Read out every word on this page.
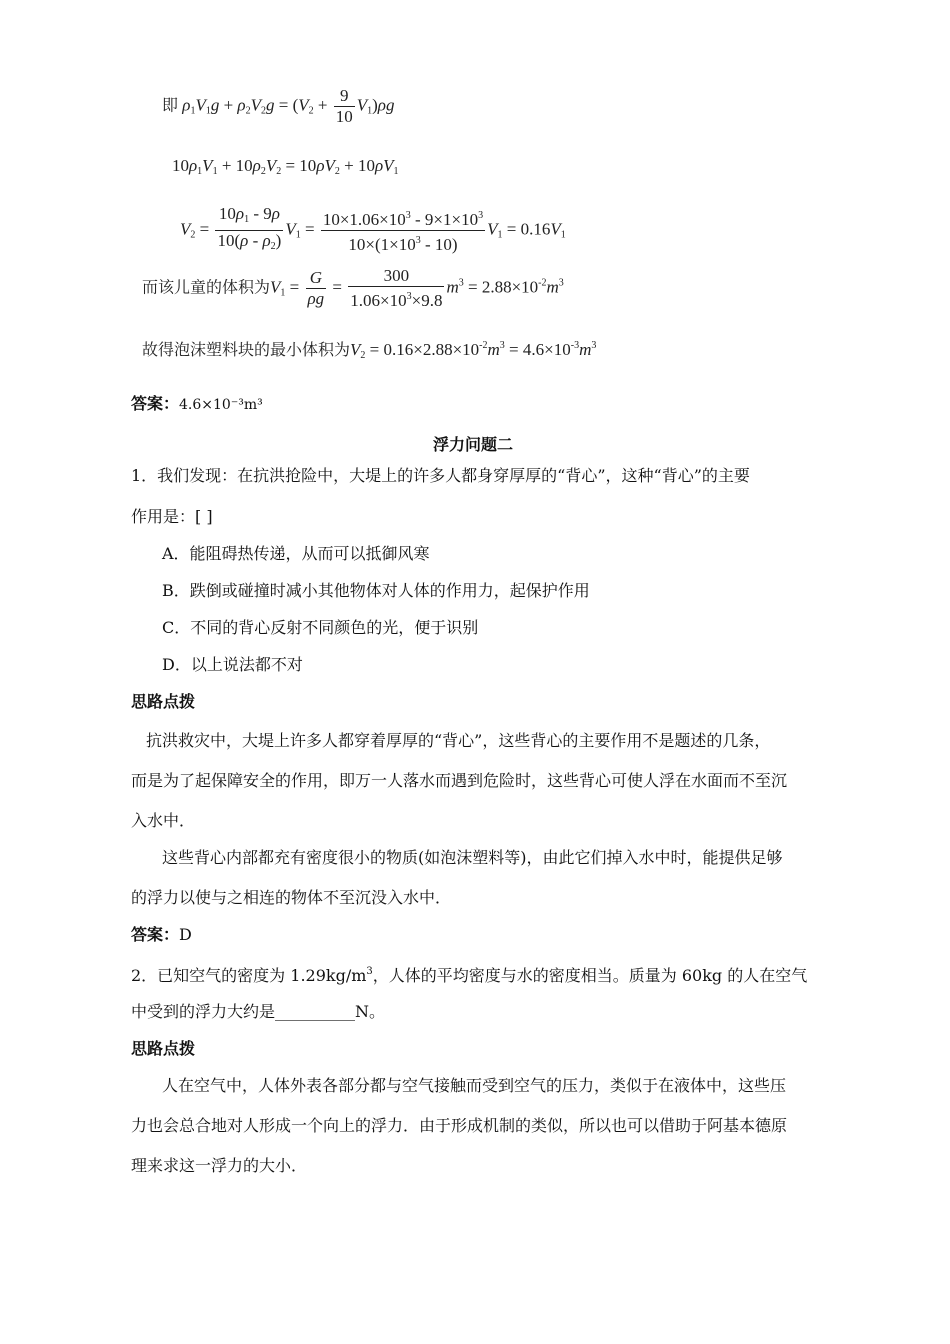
即 $\rho_1V_1g + \rho_2V_2g = (V_2 + \frac{9}{10} V_1)\rho g$
$10\rho_1V_1 + 10\rho_2V_2 = 10\rho V_2 + 10\rho V_1$
$V_2 = \frac{10\rho_1 - 9\rho}{10(\rho - \rho_2)} V_1 = \frac{10\times 1.06\times 10^3 - 9\times 1\times 10^3}{10\times(1\times 10^3 - 10)} V_1 = 0.16V_1$
而该儿童的体积为$V_1 = \frac{G}{\rho g} = \frac{300}{1.06\times 10^3\times 9.8} m^3 = 2.88\times 10^{-2}m^3$
故得泡沫塑料块的最小体积为$V_2 = 0.16\times 2.88\times 10^{-2}m^3 = 4.6\times 10^{-3}m^3$
答案：4.6×10⁻³m³
浮力问题二
1．我们发现：在抗洪抢险中，大堤上的许多人都身穿厚厚的“背心”，这种“背心”的主要
作用是：[ ]
A．能阻碍热传递，从而可以抵御风寒
B．跌倒或碰撞时减小其他物体对人体的作用力，起保护作用
C．不同的背心反射不同颜色的光，便于识别
D．以上说法都不对
思路点拨
抗洪救灾中，大堤上许多人都穿着厚厚的“背心”，这些背心的主要作用不是题述的几条，
而是为了起保障安全的作用，即万一人落水而遇到危险时，这些背心可使人浮在水面而不至沉
入水中．
这些背心内部都充有密度很小的物质(如泡沫塑料等)，由此它们掉入水中时，能提供足够
的浮力以使与之相连的物体不至沉没入水中．
答案：D
2．已知空气的密度为 $1.29kg/m^3$，人体的平均密度与水的密度相当。质量为 60kg 的人在空气
中受到的浮力大约是__________N。
思路点拨
人在空气中，人体外表各部分都与空气接触而受到空气的压力，类似于在液体中，这些压
力也会总合地对人形成一个向上的浮力．由于形成机制的类似，所以也可以借助于阿基本德原
理来求这一浮力的大小．
